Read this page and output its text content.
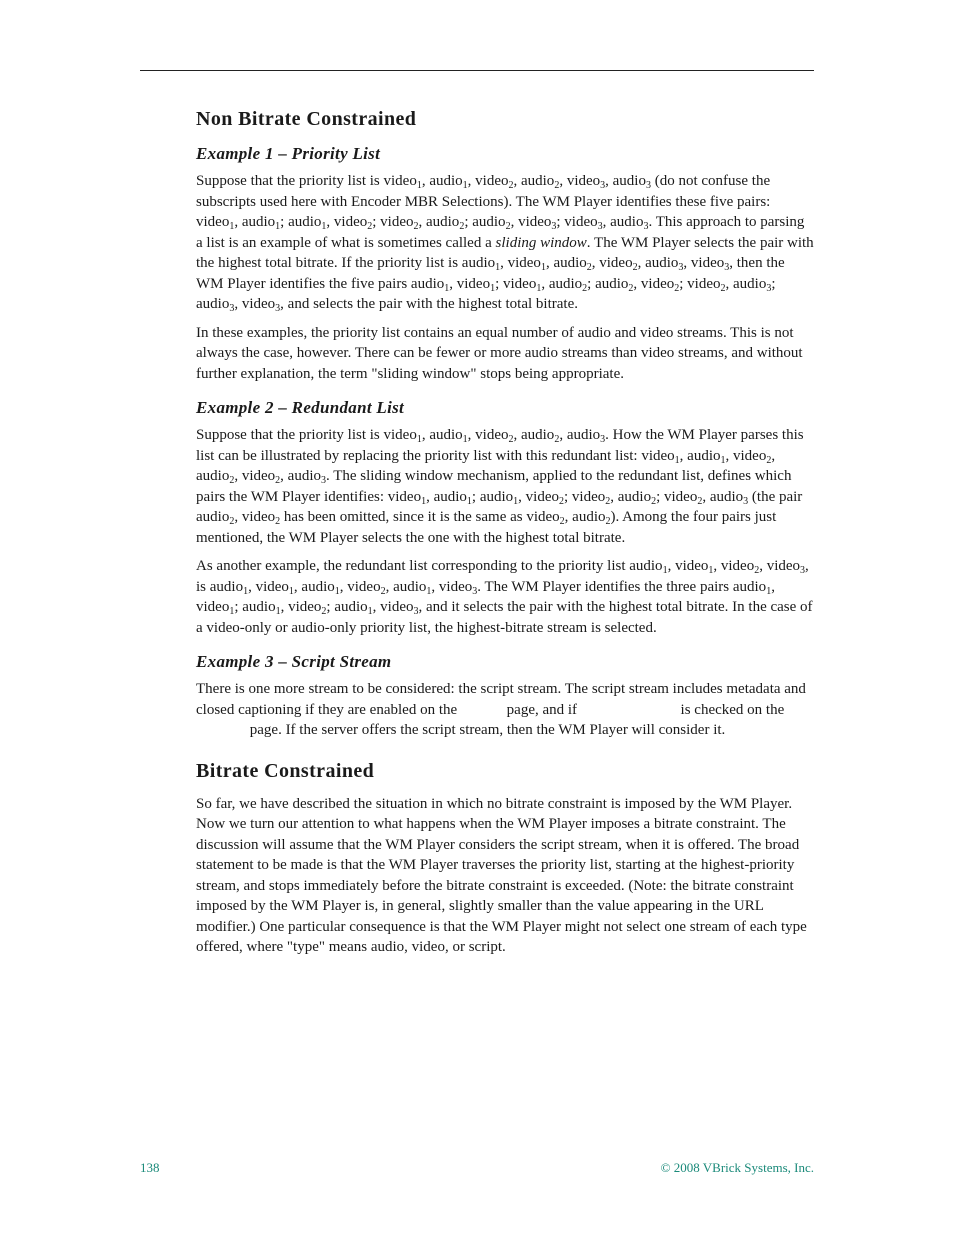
Non Bitrate Constrained
Example 1 – Priority List

Suppose that the priority list is video$_1$, audio$_1$, video$_2$, audio$_2$, video$_3$, audio$_3$ (do not confuse the subscripts used here with Encoder MBR Selections). The WM Player identifies these five pairs: video$_1$, audio$_1$; audio$_1$, video$_2$; video$_2$, audio$_2$; audio$_2$, video$_3$; video$_3$, audio$_3$. This approach to parsing a list is an example of what is sometimes called a sliding window. The WM Player selects the pair with the highest total bitrate. If the priority list is audio$_1$, video$_1$, audio$_2$, video$_2$, audio$_3$, video$_3$, then the WM Player identifies the five pairs audio$_1$, video$_1$; video$_1$, audio$_2$; audio$_2$, video$_2$; video$_2$, audio$_3$; audio$_3$, video$_3$, and selects the pair with the highest total bitrate.

In these examples, the priority list contains an equal number of audio and video streams. This is not always the case, however. There can be fewer or more audio streams than video streams, and without further explanation, the term "sliding window" stops being appropriate.

Example 2 – Redundant List

Suppose that the priority list is video$_1$, audio$_1$, video$_2$, audio$_2$, audio$_3$. How the WM Player parses this list can be illustrated by replacing the priority list with this redundant list: video$_1$, audio$_1$, video$_2$, audio$_2$, video$_2$, audio$_3$. The sliding window mechanism, applied to the redundant list, defines which pairs the WM Player identifies: video$_1$, audio$_1$; audio$_1$, video$_2$; video$_2$, audio$_2$; video$_2$, audio$_3$ (the pair audio$_2$, video$_2$ has been omitted, since it is the same as video$_2$, audio$_2$). Among the four pairs just mentioned, the WM Player selects the one with the highest total bitrate.

As another example, the redundant list corresponding to the priority list audio$_1$, video$_1$, video$_2$, video$_3$, is audio$_1$, video$_1$, audio$_1$, video$_2$, audio$_1$, video$_3$. The WM Player identifies the three pairs audio$_1$, video$_1$; audio$_1$, video$_2$; audio$_1$, video$_3$, and it selects the pair with the highest total bitrate. In the case of a video-only or audio-only priority list, the highest-bitrate stream is selected.

Example 3 – Script Stream

There is one more stream to be considered: the script stream. The script stream includes metadata and closed captioning if they are enabled on the	page, and if	is checked on the  page. If the server offers the script stream, then the WM Player will consider it.

Bitrate Constrained

So far, we have described the situation in which no bitrate constraint is imposed by the WM Player. Now we turn our attention to what happens when the WM Player imposes a bitrate constraint. The discussion will assume that the WM Player considers the script stream, when it is offered. The broad statement to be made is that the WM Player traverses the priority list, starting at the highest-priority stream, and stops immediately before the bitrate constraint is exceeded. (Note: the bitrate constraint imposed by the WM Player is, in general, slightly smaller than the value appearing in the URL modifier.) One particular consequence is that the WM Player might not select one stream of each type offered, where "type" means audio, video, or script.

138	© 2008 VBrick Systems, Inc.
